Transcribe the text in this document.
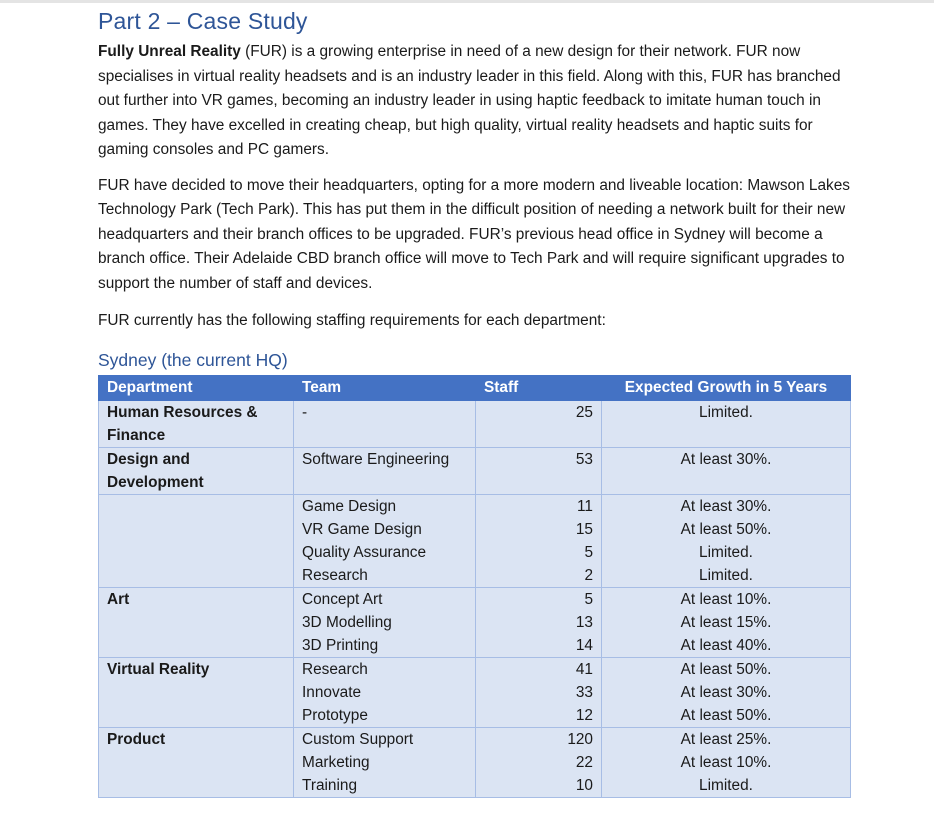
Part 2 – Case Study

Fully Unreal Reality (FUR) is a growing enterprise in need of a new design for their network. FUR now specialises in virtual reality headsets and is an industry leader in this field. Along with this, FUR has branched out further into VR games, becoming an industry leader in using haptic feedback to imitate human touch in games. They have excelled in creating cheap, but high quality, virtual reality headsets and haptic suits for gaming consoles and PC gamers.

FUR have decided to move their headquarters, opting for a more modern and liveable location: Mawson Lakes Technology Park (Tech Park). This has put them in the difficult position of needing a network built for their new headquarters and their branch offices to be upgraded. FUR’s previous head office in Sydney will become a branch office. Their Adelaide CBD branch office will move to Tech Park and will require significant upgrades to support the number of staff and devices.

FUR currently has the following staffing requirements for each department:

Sydney (the current HQ)
Department	Team	Staff	Expected Growth in 5 Years
Human Resources & Finance	-	25	Limited.
Design and Development	Software Engineering	53	At least 30%.
	Game Design	11	At least 30%.
	VR Game Design	15	At least 50%.
	Quality Assurance	5	Limited.
	Research	2	Limited.
Art	Concept Art	5	At least 10%.
	3D Modelling	13	At least 15%.
	3D Printing	14	At least 40%.
Virtual Reality	Research	41	At least 50%.
	Innovate	33	At least 30%.
	Prototype	12	At least 50%.
Product	Custom Support	120	At least 25%.
	Marketing	22	At least 10%.
	Training	10	Limited.
